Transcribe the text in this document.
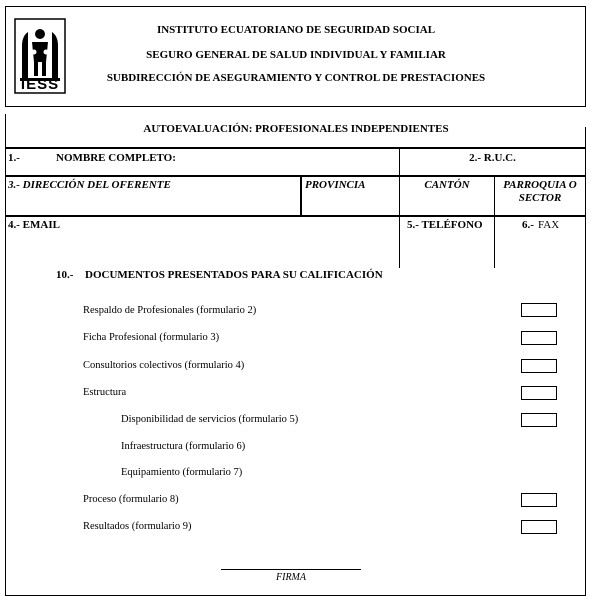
IESS
INSTITUTO ECUATORIANO DE SEGURIDAD SOCIAL
SEGURO GENERAL DE SALUD INDIVIDUAL Y FAMILIAR
SUBDIRECCIÓN DE ASEGURAMIENTO Y CONTROL DE PRESTACIONES
AUTOEVALUACIÓN: PROFESIONALES INDEPENDIENTES
1.-	NOMBRE COMPLETO:	2.- R.U.C.
3.- DIRECCIÓN DEL OFERENTE	PROVINCIA	CANTÓN	PARROQUIA O
SECTOR
4.- EMAIL	5.- TELÉFONO	6.- FAX
10.- DOCUMENTOS PRESENTADOS PARA SU CALIFICACIÓN
Respaldo de Profesionales (formulario 2)
Ficha Profesional (formulario 3)
Consultorios colectivos (formulario 4)
Estructura
Disponibilidad de servicios (formulario 5)
Infraestructura (formulario 6)
Equipamiento (formulario 7)
Proceso (formulario 8)
Resultados (formulario 9)
FIRMA
